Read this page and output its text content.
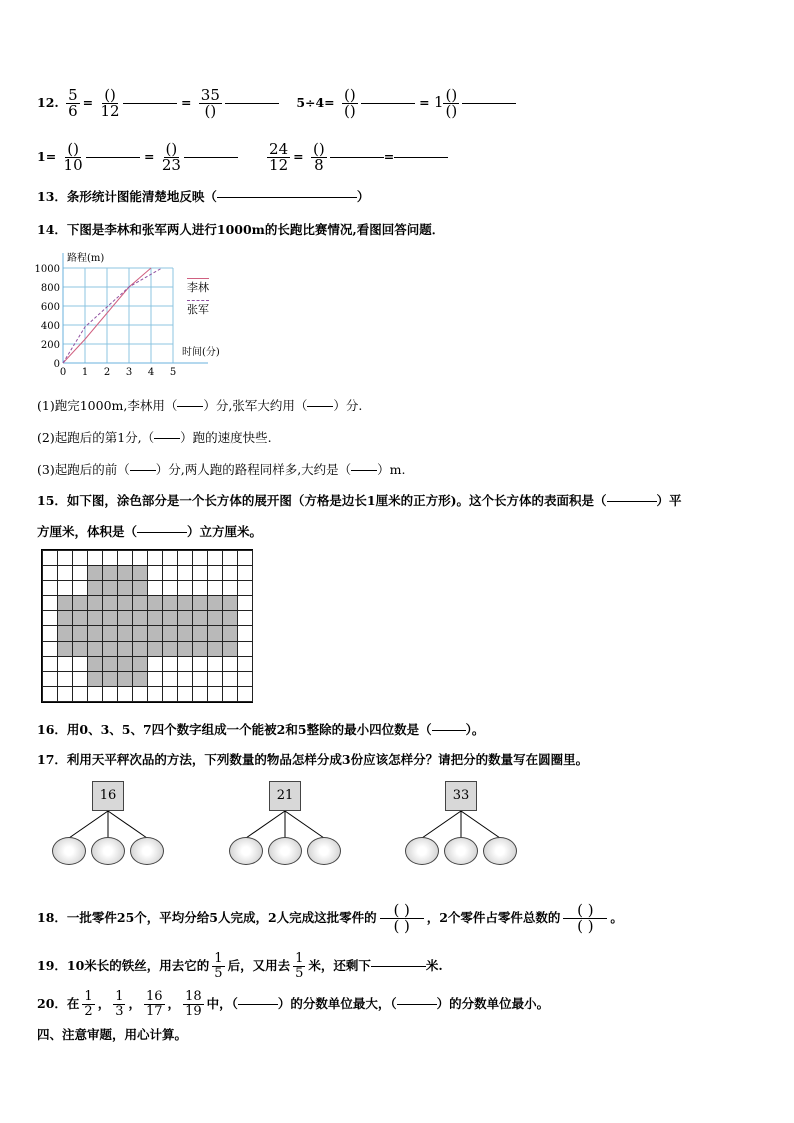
12. $\frac{5}{6}$ = ()
12	= 35
()	5÷4= ()
()	= 1 ()
()
1= ()
10	= ()
23
	$\frac{24}{12}$ = ()
8	=
13．条形统计图能清楚地反映（	）
14．下图是李林和张军两人进行1000m的长跑比赛情况,看图回答问题．
0 1 2 3 4 5
0
200
400
600
800
1000
路程(m)
时间(分)
李林
张军
(1)跑完1000m,李林用（ ）分,张军大约用（ ）分.
(2)起跑后的第1分,（ ）跑的速度快些.
(3)起跑后的前（ ）分,两人跑的路程同样多,大约是（ ）m.
15．如下图，涂色部分是一个长方体的展开图（方格是边长1厘米的正方形)。这个长方体的表面积是（	）平
方厘米，体积是（	）立方厘米。
16．用0、3、5、7四个数字组成一个能被2和5整除的最小四位数是（	）。
17．利用天平秤次品的方法，下列数量的物品怎样分成3份应该怎样分？请把分的数量写在圆圈里。
16	21	33
18．一批零件25个，平均分给5人完成，2人完成这批零件的	( )
( ) ，2个零件占零件总数的	( )
( ) 。
19．10米长的铁丝，用去它的 $\frac{1}{5}$ 后，又用去 $\frac{1}{5}$ 米，还剩下	米.
20．在 $\frac{1}{2}$ ， $\frac{1}{3}$ ， $\frac{16}{17}$ ， $\frac{18}{19}$ 中，（	）的分数单位最大，（	）的分数单位最小。
四、注意审题，用心计算。
